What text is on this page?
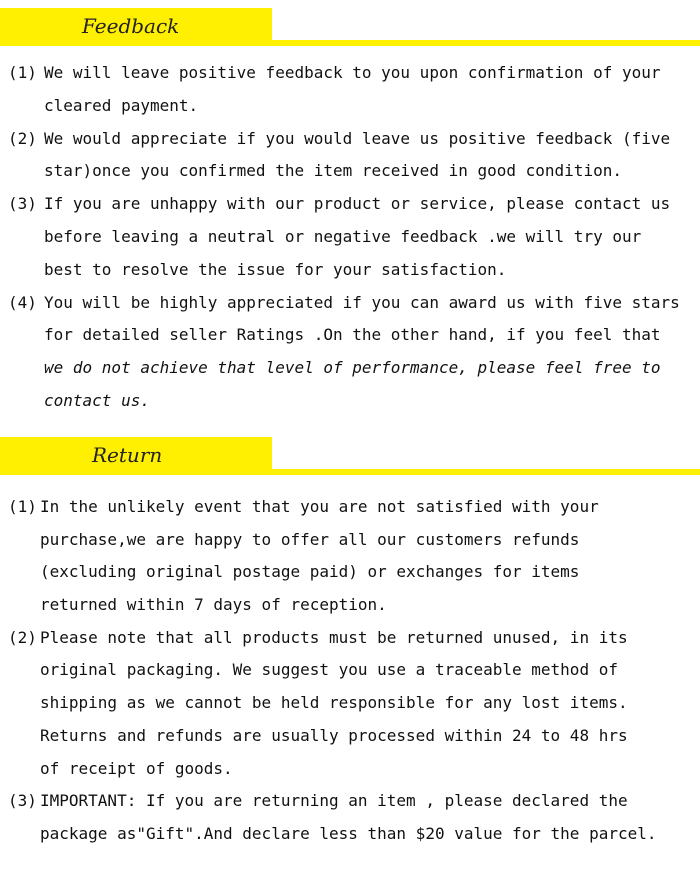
Feedback
(1) We will leave positive feedback to you upon confirmation of your
cleared payment.
(2) We would appreciate if you would leave us positive feedback (five
star)once you confirmed the item received in good condition.
(3) If you are unhappy with our product or service, please contact us
before leaving a neutral or negative feedback .we will try our
best to resolve the issue for your satisfaction.
(4) You will be highly appreciated if you can award us with five stars
for detailed seller Ratings .On the other hand, if you feel that
we do not achieve that level of performance, please feel free to
contact us.
Return
(1) In the unlikely event that you are not satisfied with your
purchase,we are happy to offer all our customers refunds
(excluding original postage paid) or exchanges for items
returned within 7 days of reception.
(2) Please note that all products must be returned unused, in its
original packaging. We suggest you use a traceable method of
shipping as we cannot be held responsible for any lost items.
Returns and refunds are usually processed within 24 to 48 hrs
of receipt of goods.
(3) IMPORTANT: If you are returning an item , please declared the
package as"Gift".And declare less than $20 value for the parcel.
